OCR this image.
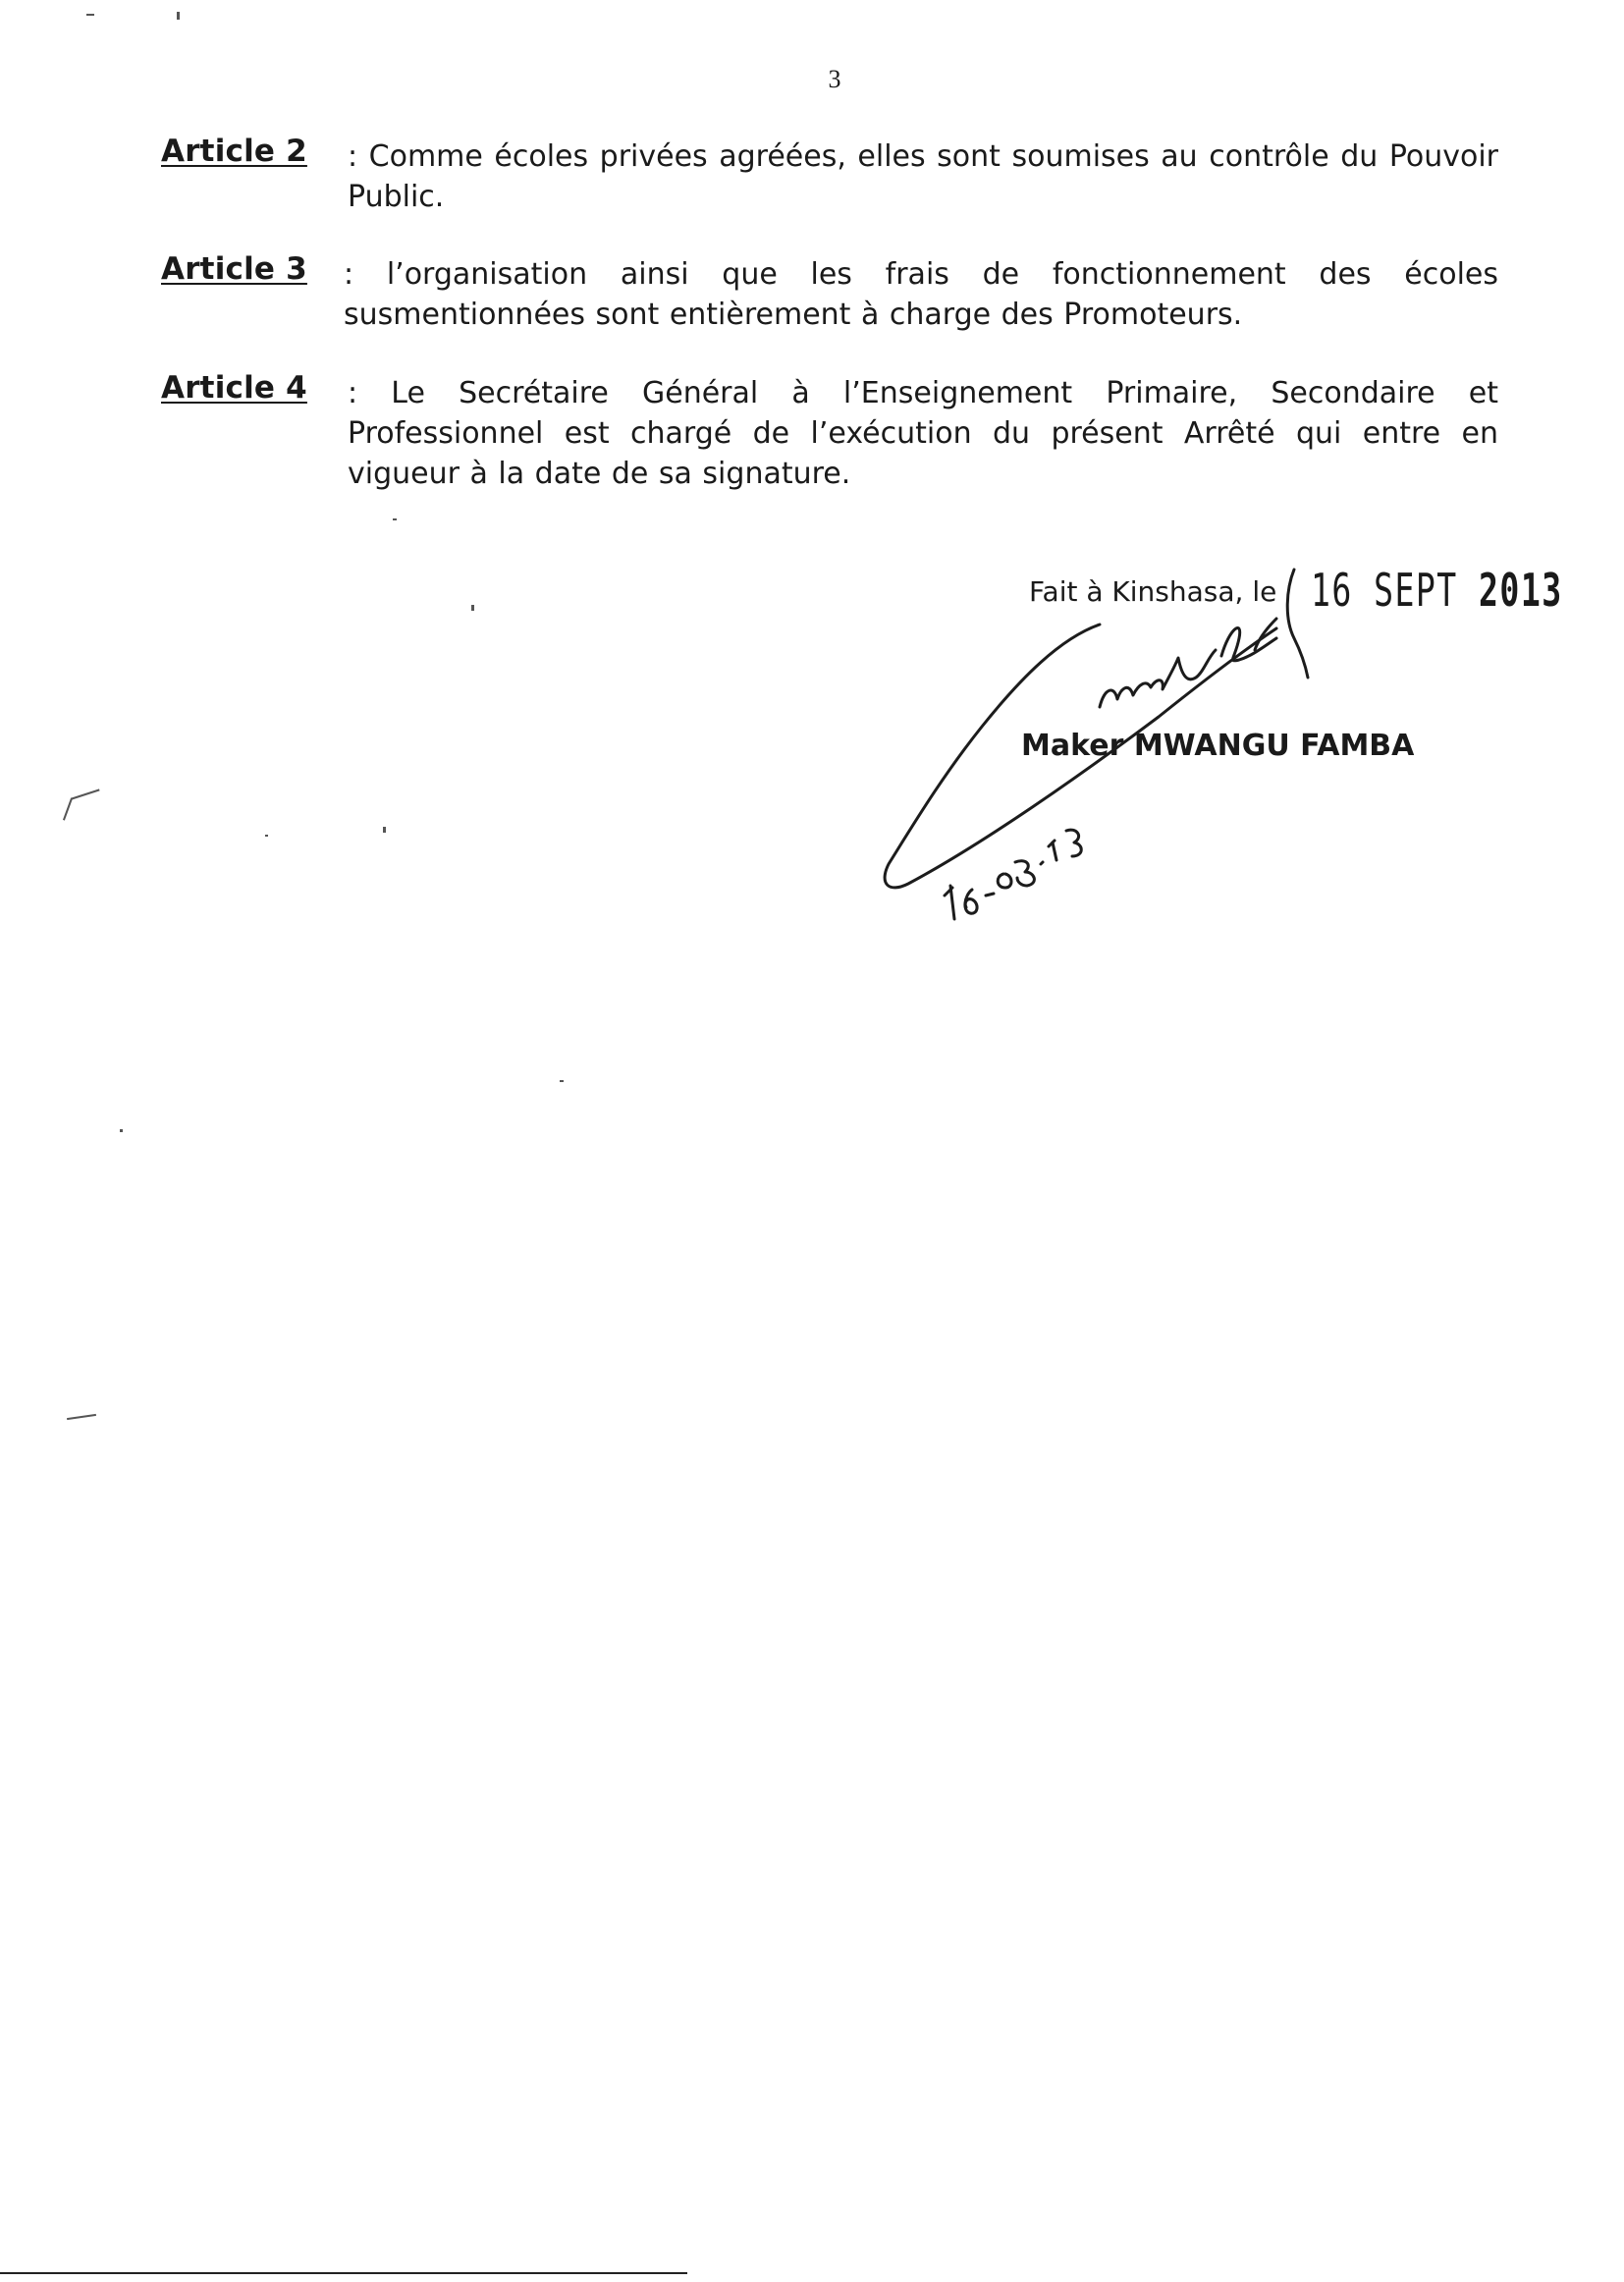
3
Article 2 : Comme écoles privées agréées, elles sont soumises au contrôle du Pouvoir Public.
Article 3 : l’organisation ainsi que les frais de fonctionnement des écoles susmentionnées sont entièrement à charge des Promoteurs.
Article 4 : Le Secrétaire Général à l’Enseignement Primaire, Secondaire et Professionnel est chargé de l’exécution du présent Arrêté qui entre en vigueur à la date de sa signature.
Fait à Kinshasa, le 16 SEPT 2013
Maker MWANGU FAMBA
